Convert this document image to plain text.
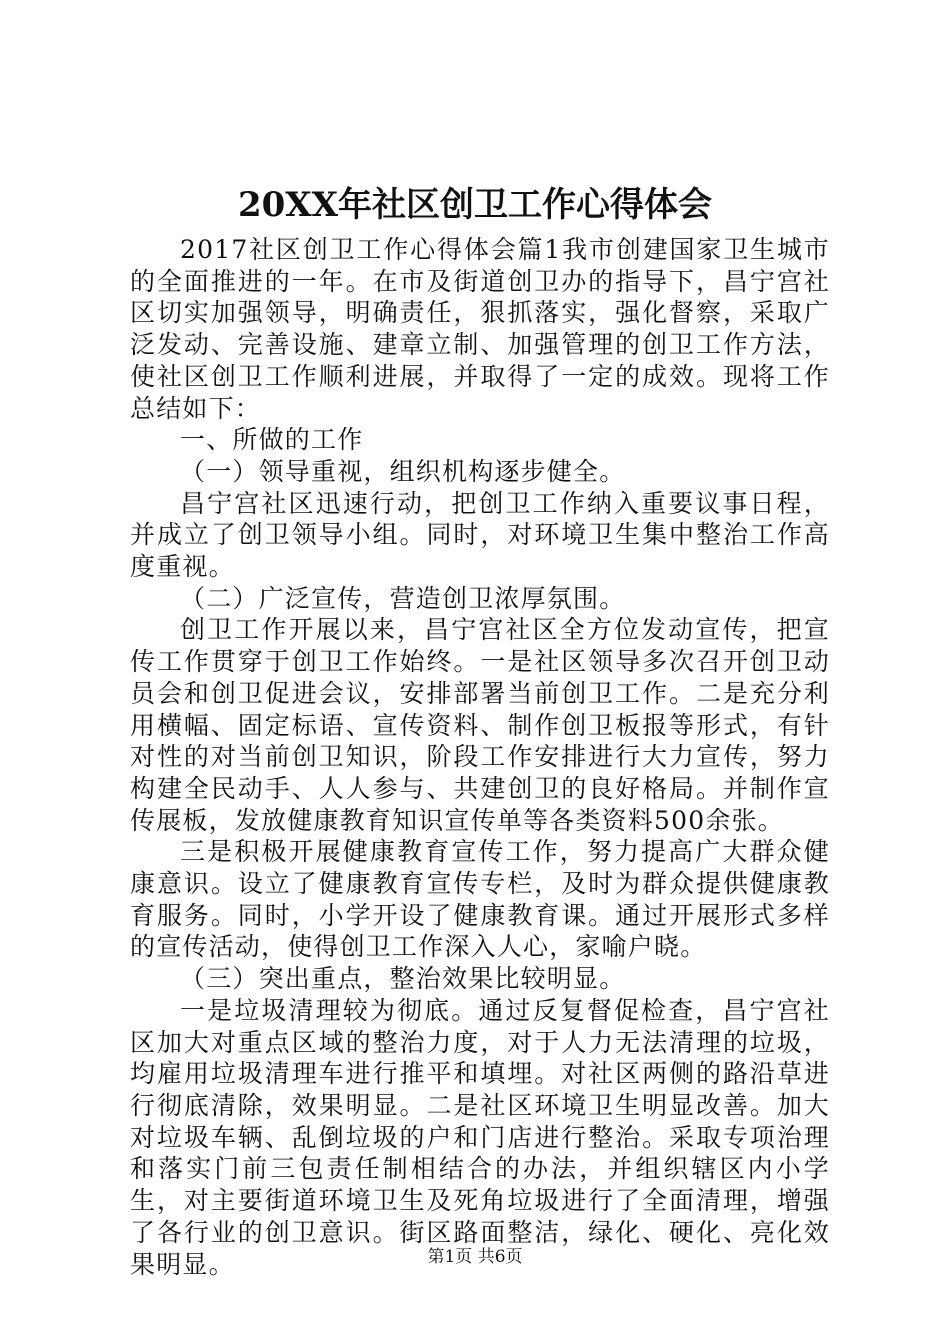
20XX年社区创卫工作心得体会

2017社区创卫工作心得体会篇1我市创建国家卫生城市的全面推进的一年。在市及街道创卫办的指导下，昌宁宫社区切实加强领导，明确责任，狠抓落实，强化督察，采取广泛发动、完善设施、建章立制、加强管理的创卫工作方法，使社区创卫工作顺利进展，并取得了一定的成效。现将工作总结如下：

一、所做的工作

（一）领导重视，组织机构逐步健全。

昌宁宫社区迅速行动，把创卫工作纳入重要议事日程，并成立了创卫领导小组。同时，对环境卫生集中整治工作高度重视。

（二）广泛宣传，营造创卫浓厚氛围。

创卫工作开展以来，昌宁宫社区全方位发动宣传，把宣传工作贯穿于创卫工作始终。一是社区领导多次召开创卫动员会和创卫促进会议，安排部署当前创卫工作。二是充分利用横幅、固定标语、宣传资料、制作创卫板报等形式，有针对性的对当前创卫知识，阶段工作安排进行大力宣传，努力构建全民动手、人人参与、共建创卫的良好格局。并制作宣传展板，发放健康教育知识宣传单等各类资料500余张。

三是积极开展健康教育宣传工作，努力提高广大群众健康意识。设立了健康教育宣传专栏，及时为群众提供健康教育服务。同时，小学开设了健康教育课。通过开展形式多样的宣传活动，使得创卫工作深入人心，家喻户晓。

（三）突出重点，整治效果比较明显。

一是垃圾清理较为彻底。通过反复督促检查，昌宁宫社区加大对重点区域的整治力度，对于人力无法清理的垃圾，均雇用垃圾清理车进行推平和填埋。对社区两侧的路沿草进行彻底清除，效果明显。二是社区环境卫生明显改善。加大对垃圾车辆、乱倒垃圾的户和门店进行整治。采取专项治理和落实门前三包责任制相结合的办法，并组织辖区内小学生，对主要街道环境卫生及死角垃圾进行了全面清理，增强了各行业的创卫意识。街区路面整洁，绿化、硬化、亮化效果明显。	第1页 共6页
